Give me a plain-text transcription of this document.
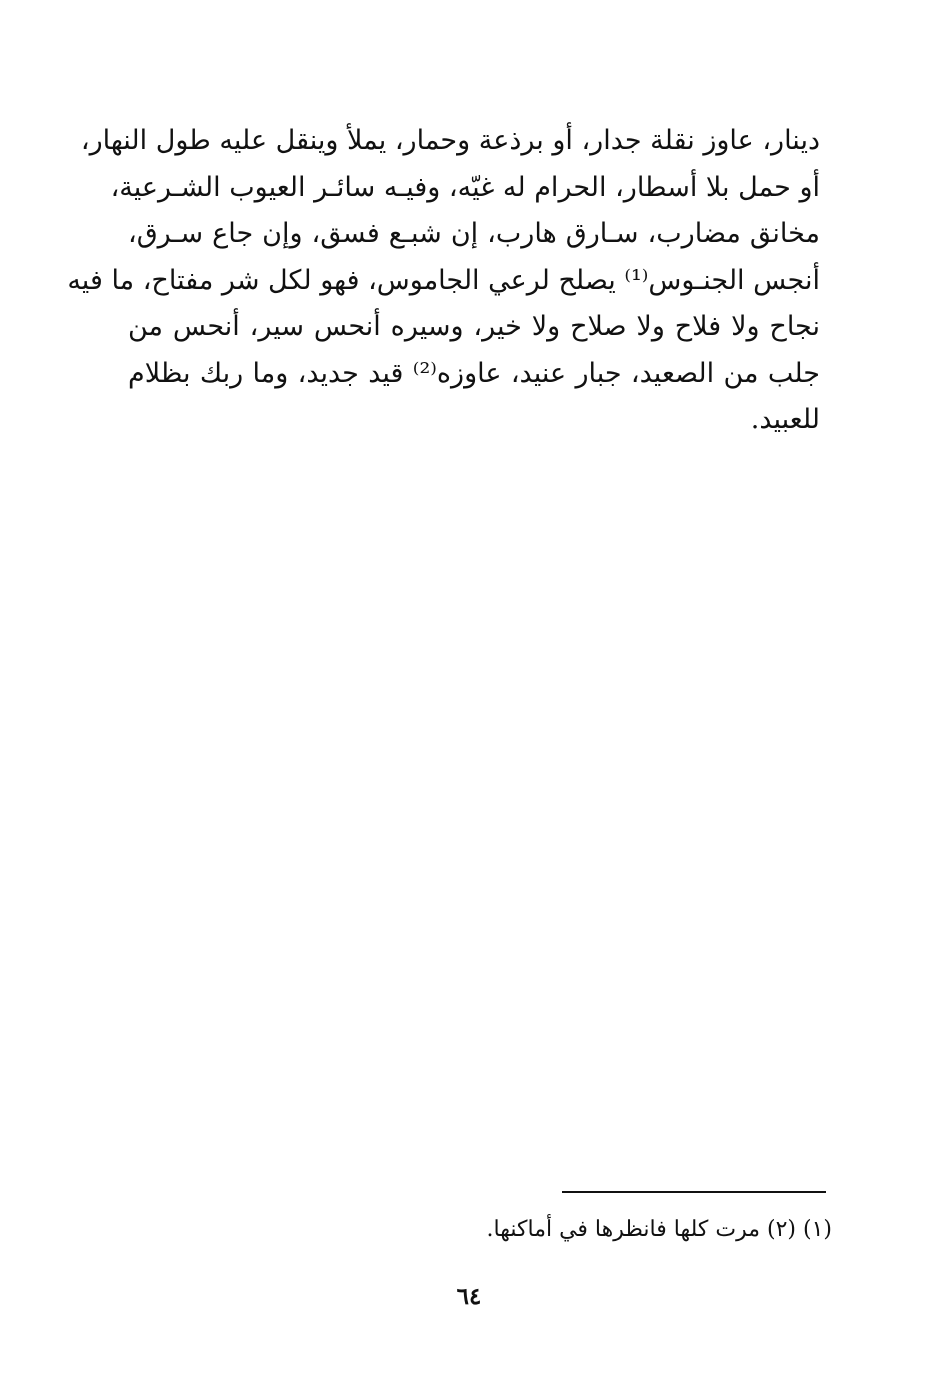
دينار، عاوز نقلة جدار، أو برذعة وحمار، يملأ وينقل عليه طول النهار،
أو حمل بلا أسطار، الحرام له غيّه، وفيـه سائـر العيوب الشـرعية،
مخانق مضارب، سـارق هارب، إن شبـع فسق، وإن جاع سـرق،
أنجس الجنـوس⁽¹⁾ يصلح لرعي الجاموس، فهو لكل شر مفتاح، ما فيه
نجاح ولا فلاح ولا صلاح ولا خير، وسيره أنحس سير، أنحس من
جلب من الصعيد، جبار عنيد، عاوزه⁽²⁾ قيد جديد، وما ربك بظلام
للعبيد.
(١) (٢) مرت كلها فانظرها في أماكنها.
٦٤
